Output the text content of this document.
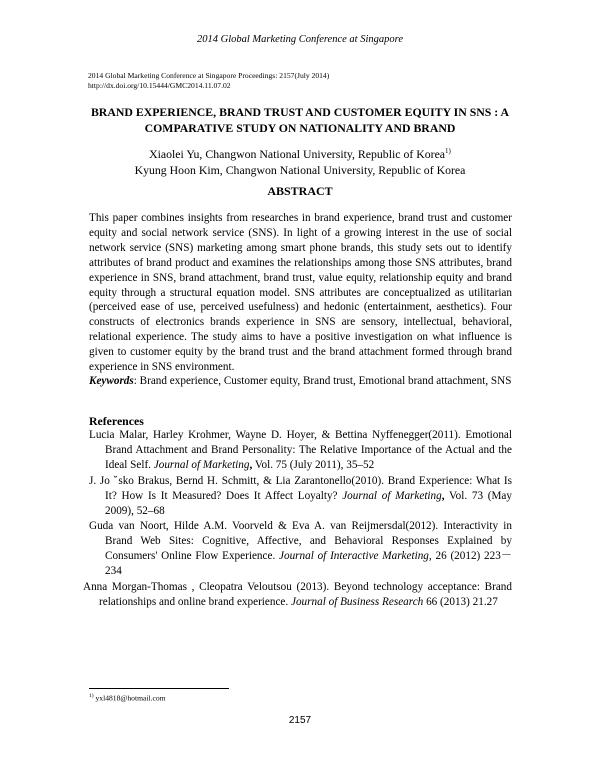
2014 Global Marketing Conference at Singapore
2014 Global Marketing Conference at Singapore Proceedings: 2157(July 2014)
http://dx.doi.org/10.15444/GMC2014.11.07.02
BRAND EXPERIENCE, BRAND TRUST AND CUSTOMER EQUITY IN SNS : A
COMPARATIVE STUDY ON NATIONALITY AND BRAND
Xiaolei Yu, Changwon National University, Republic of Korea$^{1)}$
Kyung Hoon Kim, Changwon National University, Republic of Korea
ABSTRACT
This paper combines insights from researches in brand experience, brand trust and customer equity and social network service (SNS). In light of a growing interest in the use of social network service (SNS) marketing among smart phone brands, this study sets out to identify attributes of brand product and examines the relationships among those SNS attributes, brand experience in SNS, brand attachment, brand trust, value equity, relationship equity and brand equity through a structural equation model. SNS attributes are conceptualized as utilitarian (perceived ease of use, perceived usefulness) and hedonic (entertainment, aesthetics). Four constructs of electronics brands experience in SNS are sensory, intellectual, behavioral, relational experience. The study aims to have a positive investigation on what influence is given to customer equity by the brand trust and the brand attachment formed through brand experience in SNS environment.
Keywords: Brand experience, Customer equity, Brand trust, Emotional brand attachment, SNS
References
Lucia Malar, Harley Krohmer, Wayne D. Hoyer, & Bettina Nyffenegger(2011). Emotional Brand Attachment and Brand Personality: The Relative Importance of the Actual and the Ideal Self. Journal of Marketing, Vol. 75 (July 2011), 35–52
J. Jo ˇsko Brakus, Bernd H. Schmitt, & Lia Zarantonello(2010). Brand Experience: What Is It? How Is It Measured? Does It Affect Loyalty? Journal of Marketing, Vol. 73 (May 2009), 52–68
Guda van Noort, Hilde A.M. Voorveld & Eva A. van Reijmersdal(2012). Interactivity in Brand Web Sites: Cognitive, Affective, and Behavioral Responses Explained by Consumers' Online Flow Experience. Journal of Interactive Marketing, 26 (2012) 223－234
Anna Morgan-Thomas , Cleopatra Veloutsou (2013). Beyond technology acceptance: Brand relationships and online brand experience. Journal of Business Research 66 (2013) 21.27
$^{1)}$ yxl4818@hotmail.com
2157
